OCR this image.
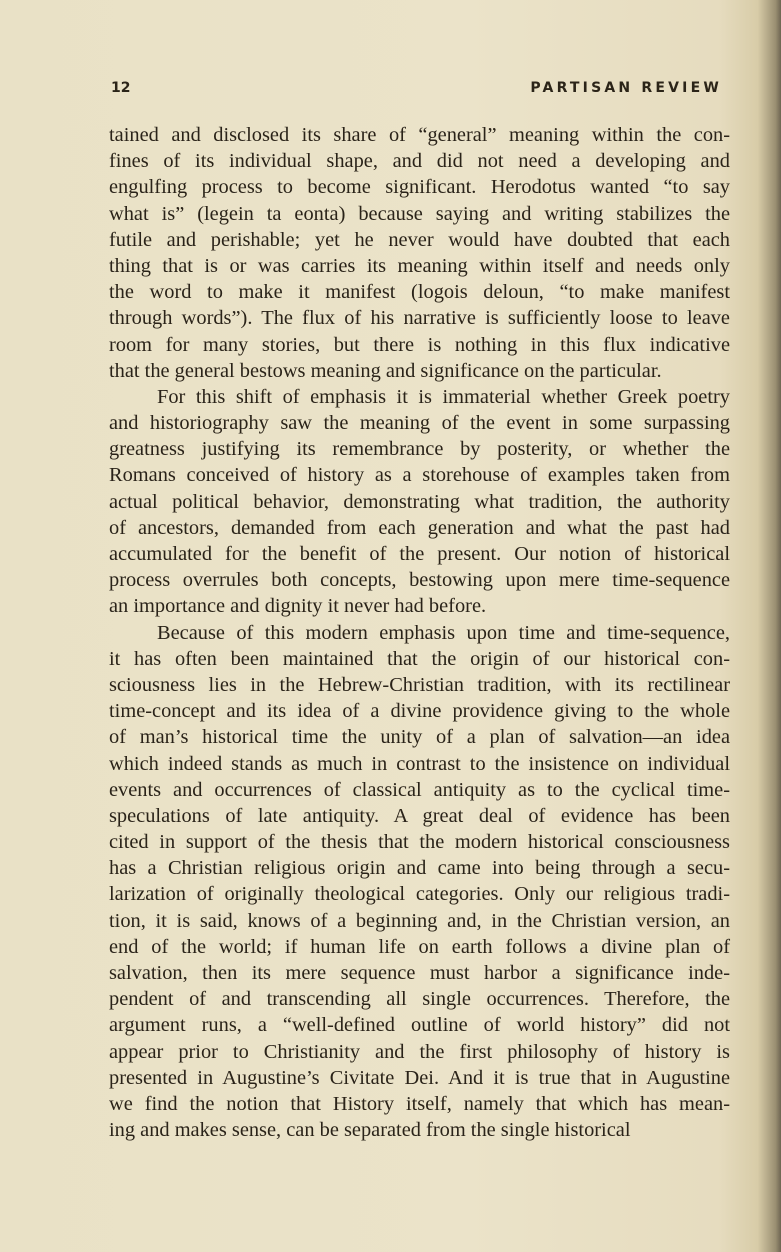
12	PARTISAN REVIEW
tained and disclosed its share of “general” meaning within the con-
fines of its individual shape, and did not need a developing and
engulfing process to become significant. Herodotus wanted “to say
what is” (legein ta eonta) because saying and writing stabilizes the
futile and perishable; yet he never would have doubted that each
thing that is or was carries its meaning within itself and needs only
the word to make it manifest (logois deloun, “to make manifest
through words”). The flux of his narrative is sufficiently loose to leave
room for many stories, but there is nothing in this flux indicative
that the general bestows meaning and significance on the particular.
For this shift of emphasis it is immaterial whether Greek poetry
and historiography saw the meaning of the event in some surpassing
greatness justifying its remembrance by posterity, or whether the
Romans conceived of history as a storehouse of examples taken from
actual political behavior, demonstrating what tradition, the authority
of ancestors, demanded from each generation and what the past had
accumulated for the benefit of the present. Our notion of historical
process overrules both concepts, bestowing upon mere time-sequence
an importance and dignity it never had before.
Because of this modern emphasis upon time and time-sequence,
it has often been maintained that the origin of our historical con-
sciousness lies in the Hebrew-Christian tradition, with its rectilinear
time-concept and its idea of a divine providence giving to the whole
of man’s historical time the unity of a plan of salvation—an idea
which indeed stands as much in contrast to the insistence on individual
events and occurrences of classical antiquity as to the cyclical time-
speculations of late antiquity. A great deal of evidence has been
cited in support of the thesis that the modern historical consciousness
has a Christian religious origin and came into being through a secu-
larization of originally theological categories. Only our religious tradi-
tion, it is said, knows of a beginning and, in the Christian version, an
end of the world; if human life on earth follows a divine plan of
salvation, then its mere sequence must harbor a significance inde-
pendent of and transcending all single occurrences. Therefore, the
argument runs, a “well-defined outline of world history” did not
appear prior to Christianity and the first philosophy of history is
presented in Augustine’s Civitate Dei. And it is true that in Augustine
we find the notion that History itself, namely that which has mean-
ing and makes sense, can be separated from the single historical
